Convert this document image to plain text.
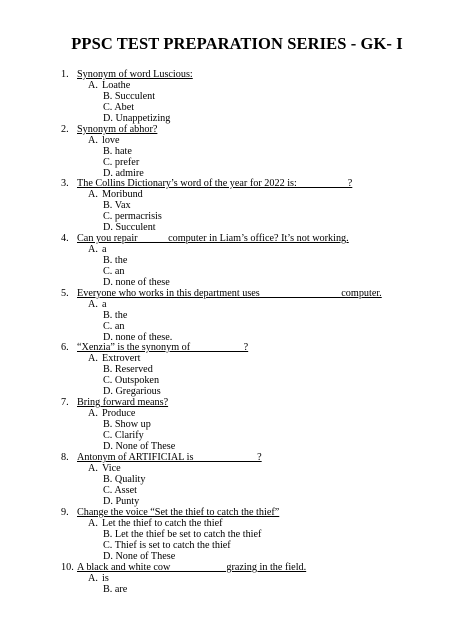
PPSC TEST PREPARATION SERIES - GK- I
1. Synonym of word Luscious:
A. Loathe
B. Succulent
C. Abet
D. Unappetizing
2. Synonym of abhor?
A. love
B. hate
C. prefer
D. admire
3. The Collins Dictionary’s word of the year for 2022 is:__________?
A. Moribund
B. Vax
C. permacrisis
D. Succulent
4. Can you repair _____ computer in Liam’s office? It’s not working.
A. a
B. the
C. an
D. none of these
5. Everyone who works in this department uses _______________ computer.
A. a
B. the
C. an
D. none of these.
6. “Xenzia” is the synonym of __________?
A. Extrovert
B. Reserved
C. Outspoken
D. Gregarious
7. Bring forward means?
A. Produce
B. Show up
C. Clarify
D. None of These
8. Antonym of ARTIFICIAL is ____________?
A. Vice
B. Quality
C. Asset
D. Punty
9. Change the voice “Set the thief to catch the thief”
A. Let the thief to catch the thief
B. Let the thief be set to catch the thief
C. Thief is set to catch the thief
D. None of These
10. A black and white cow __________ grazing in the field.
A. is
B. are
